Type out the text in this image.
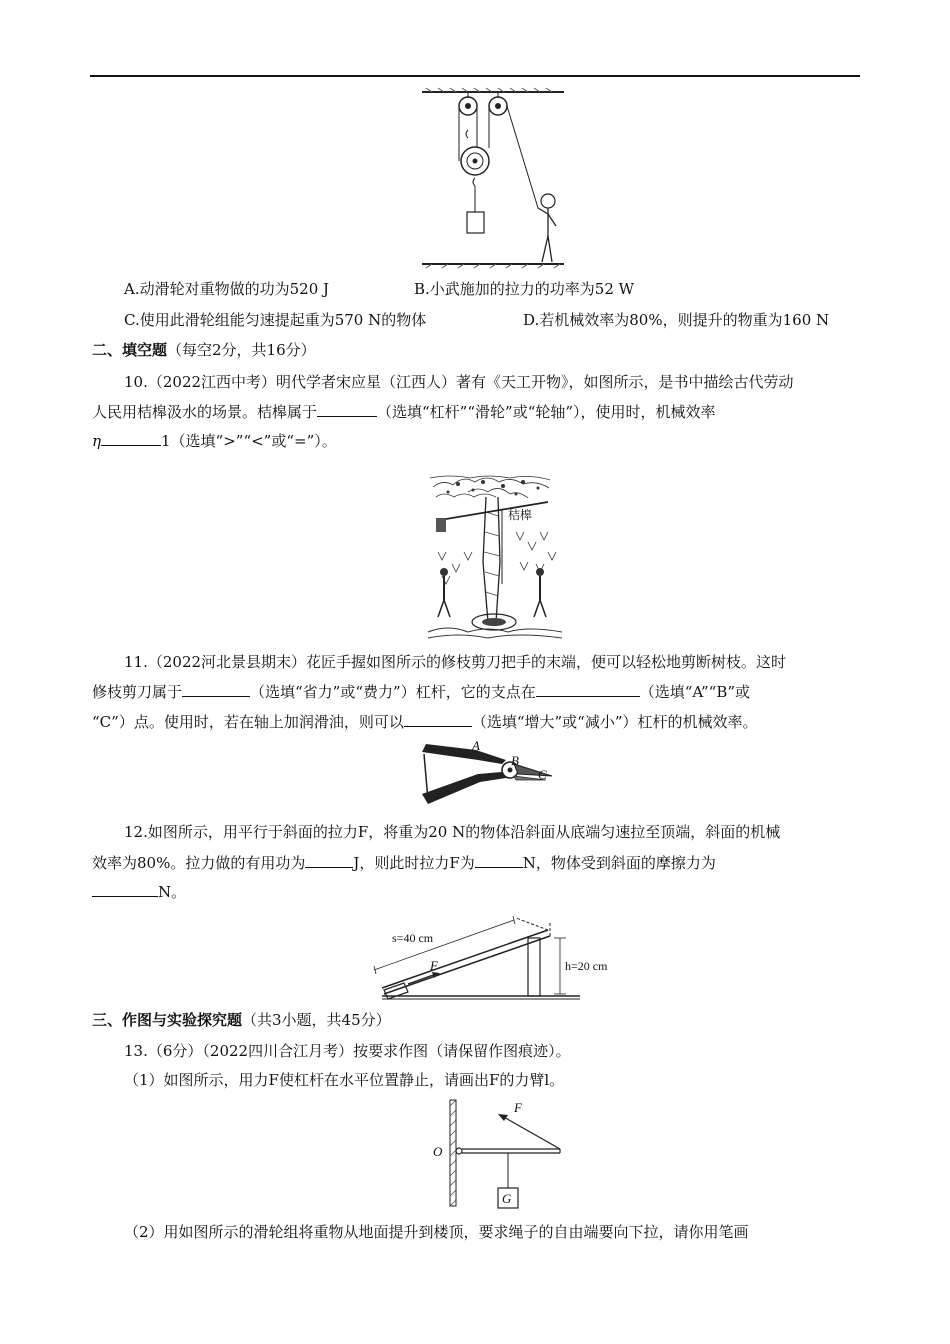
A.动滑轮对重物做的功为520 J	B.小武施加的拉力的功率为52 W
C.使用此滑轮组能匀速提起重为570 N的物体	D.若机械效率为80%，则提升的物重为160 N
二、填空题（每空2分，共16分）
10.（2022江西中考）明代学者宋应星（江西人）著有《天工开物》，如图所示，是书中描绘古代劳动
人民用桔槔汲水的场景。桔槔属于	（选填“杠杆”“滑轮”或“轮轴”），使用时，机械效率
η	1（选填“>”“<”或“=”）。
桔槔
11.（2022河北景县期末）花匠手握如图所示的修枝剪刀把手的末端，便可以轻松地剪断树枝。这时
修枝剪刀属于	（选填“省力”或“费力”）杠杆，它的支点在	（选填“A”“B”或
“C”）点。使用时，若在轴上加润滑油，则可以	（选填“增大”或“减小”）杠杆的机械效率。
A
B
C
12.如图所示，用平行于斜面的拉力F，将重为20 N的物体沿斜面从底端匀速拉至顶端，斜面的机械
效率为80%。拉力做的有用功为	J，则此时拉力F为	N，物体受到斜面的摩擦力为
N。
F
s=40 cm
h=20 cm
三、作图与实验探究题（共3小题，共45分）
13.（6分）（2022四川合江月考）按要求作图（请保留作图痕迹）。
（1）如图所示，用力F使杠杆在水平位置静止，请画出F的力臂l。
O
F
G
（2）用如图所示的滑轮组将重物从地面提升到楼顶，要求绳子的自由端要向下拉，请你用笔画
